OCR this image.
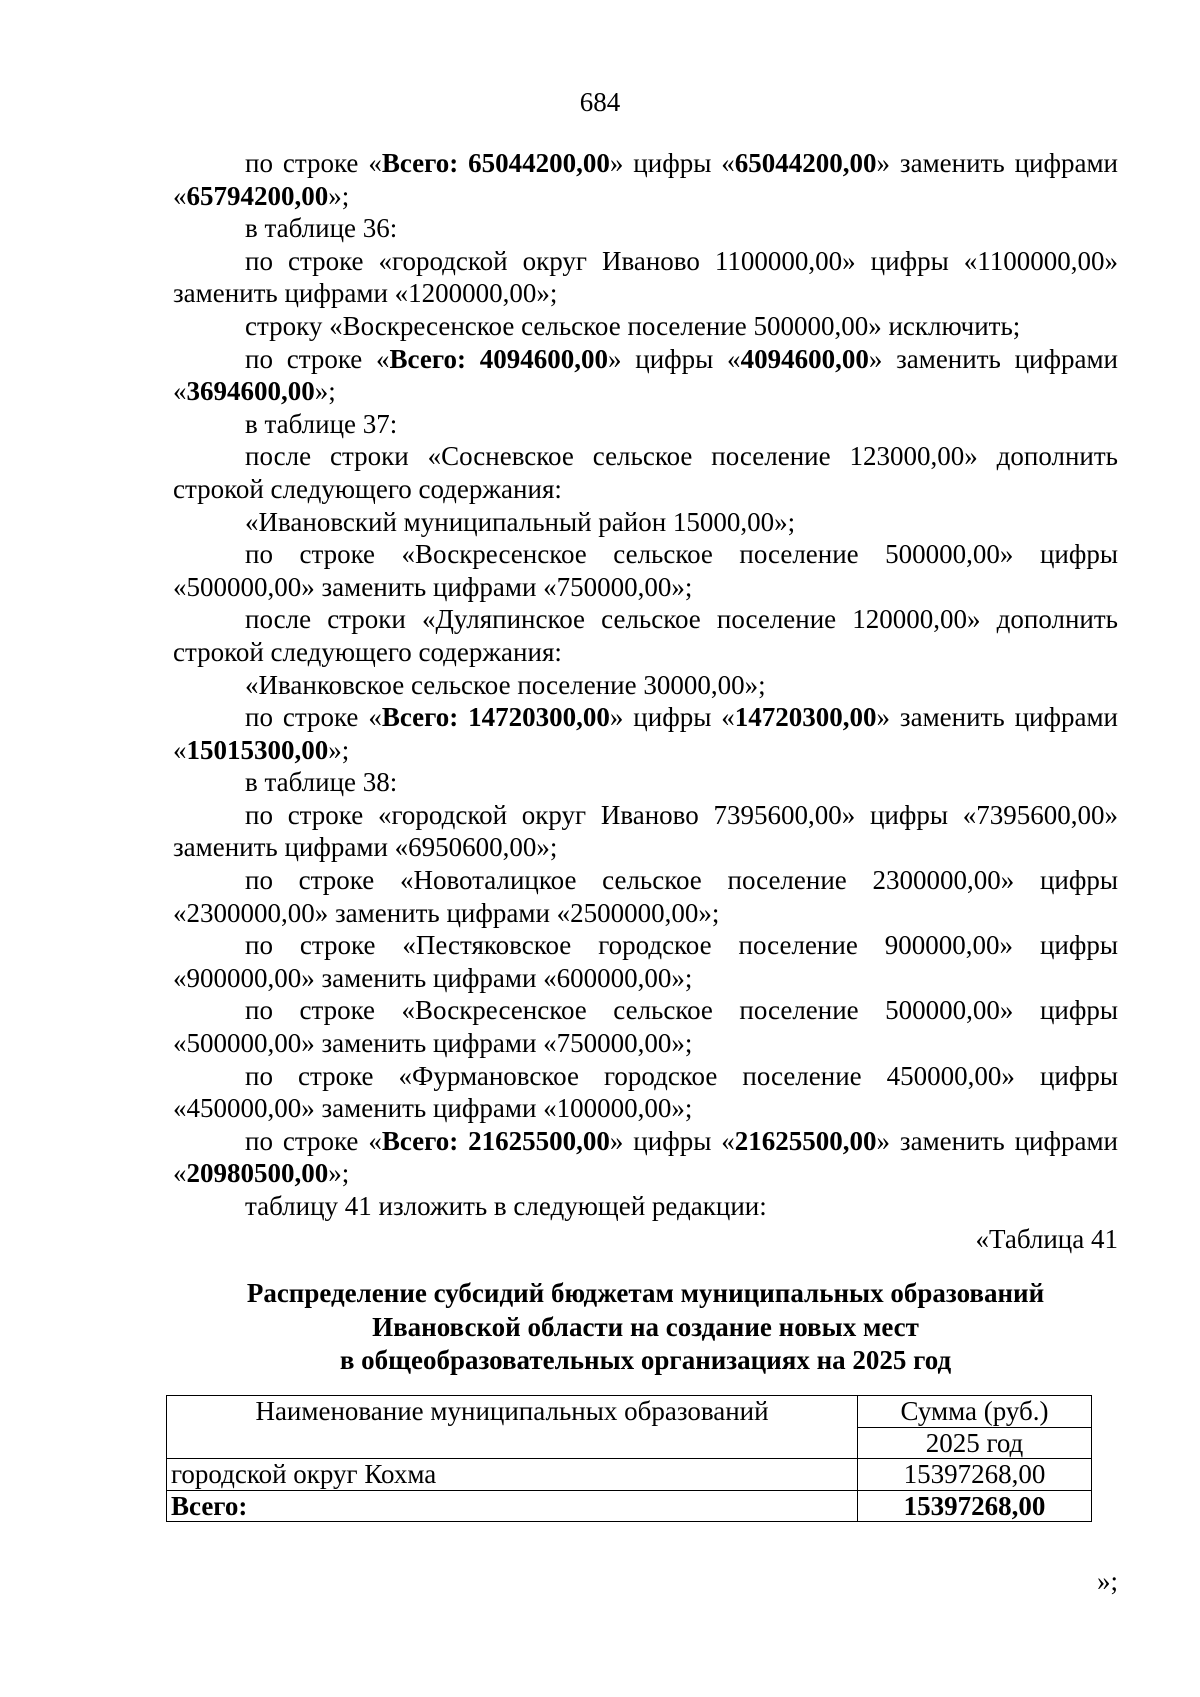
684

по строке «Всего: 65044200,00» цифры «65044200,00» заменить цифрами «65794200,00»;

в таблице 36:

по строке «городской округ Иваново 1100000,00» цифры «1100000,00» заменить цифрами «1200000,00»;

строку «Воскресенское сельское поселение 500000,00» исключить;

по строке «Всего: 4094600,00» цифры «4094600,00» заменить цифрами «3694600,00»;

в таблице 37:

после строки «Сосневское сельское поселение 123000,00» дополнить строкой следующего содержания:

«Ивановский муниципальный район 15000,00»;

по строке «Воскресенское сельское поселение 500000,00» цифры «500000,00» заменить цифрами «750000,00»;

после строки «Дуляпинское сельское поселение 120000,00» дополнить строкой следующего содержания:

«Иванковское сельское поселение 30000,00»;

по строке «Всего: 14720300,00» цифры «14720300,00» заменить цифрами «15015300,00»;

в таблице 38:

по строке «городской округ Иваново 7395600,00» цифры «7395600,00» заменить цифрами «6950600,00»;

по строке «Новоталицкое сельское поселение 2300000,00» цифры «2300000,00» заменить цифрами «2500000,00»;

по строке «Пестяковское городское поселение 900000,00» цифры «900000,00» заменить цифрами «600000,00»;

по строке «Воскресенское сельское поселение 500000,00» цифры «500000,00» заменить цифрами «750000,00»;

по строке «Фурмановское городское поселение 450000,00» цифры «450000,00» заменить цифрами «100000,00»;

по строке «Всего: 21625500,00» цифры «21625500,00» заменить цифрами «20980500,00»;

таблицу 41 изложить в следующей редакции:

«Таблица 41

Распределение субсидий бюджетам муниципальных образований
Ивановской области на создание новых мест
в общеобразовательных организациях на 2025 год
Наименование муниципальных образований	Сумма (руб.)
	2025 год
городской округ Кохма	15397268,00
Всего:	15397268,00
»;
